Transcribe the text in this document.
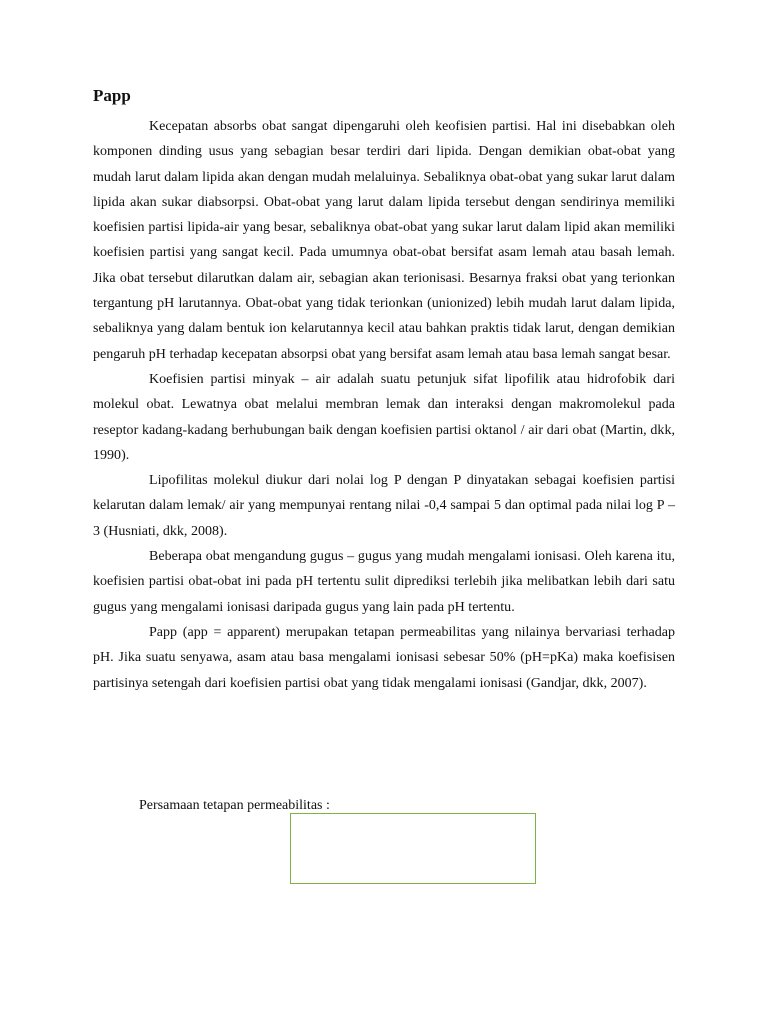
Papp

Kecepatan absorbs obat sangat dipengaruhi oleh keofisien partisi. Hal ini disebabkan oleh komponen dinding usus yang sebagian besar terdiri dari lipida. Dengan demikian obat-obat yang mudah larut dalam lipida akan dengan mudah melaluinya. Sebaliknya obat-obat yang sukar larut dalam lipida akan sukar diabsorpsi. Obat-obat yang larut dalam lipida tersebut dengan sendirinya memiliki koefisien partisi lipida-air yang besar, sebaliknya obat-obat yang sukar larut dalam lipid akan memiliki koefisien partisi yang sangat kecil. Pada umumnya obat-obat bersifat asam lemah atau basah lemah. Jika obat tersebut dilarutkan dalam air, sebagian akan terionisasi. Besarnya fraksi obat yang terionkan tergantung pH larutannya. Obat-obat yang tidak terionkan (unionized) lebih mudah larut dalam lipida, sebaliknya yang dalam bentuk ion kelarutannya kecil atau bahkan praktis tidak larut, dengan demikian pengaruh pH terhadap kecepatan absorpsi obat yang bersifat asam lemah atau basa lemah sangat besar.

Koefisien partisi minyak – air adalah suatu petunjuk sifat lipofilik atau hidrofobik dari molekul obat. Lewatnya obat melalui membran lemak dan interaksi dengan makromolekul pada reseptor kadang-kadang berhubungan baik dengan koefisien partisi oktanol / air dari obat (Martin, dkk, 1990).

Lipofilitas molekul diukur dari nolai log P dengan P dinyatakan sebagai koefisien partisi kelarutan dalam lemak/ air yang mempunyai rentang nilai -0,4 sampai 5 dan optimal pada nilai log P – 3 (Husniati, dkk, 2008).

Beberapa obat mengandung gugus – gugus yang mudah mengalami ionisasi. Oleh karena itu, koefisien partisi obat-obat ini pada pH tertentu sulit diprediksi terlebih jika melibatkan lebih dari satu gugus yang mengalami ionisasi daripada gugus yang lain pada pH tertentu.

Papp (app = apparent) merupakan tetapan permeabilitas yang nilainya bervariasi terhadap pH. Jika suatu senyawa, asam atau basa mengalami ionisasi sebesar 50% (pH=pKa) maka koefisisen partisinya setengah dari koefisien partisi obat yang tidak mengalami ionisasi (Gandjar, dkk, 2007).

Persamaan tetapan permeabilitas :
